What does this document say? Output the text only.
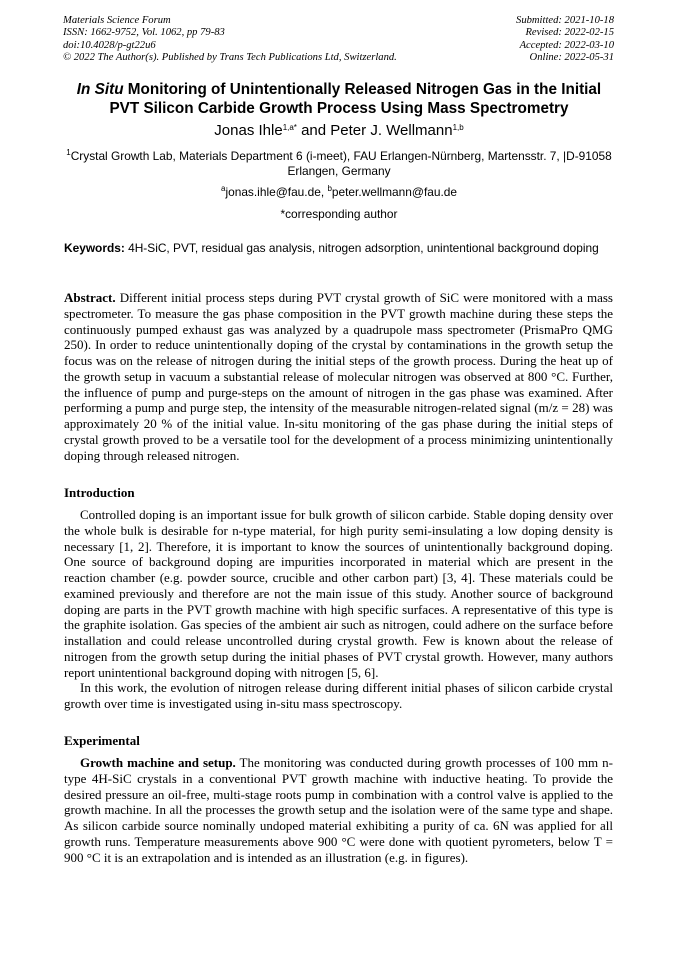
Materials Science Forum
ISSN: 1662-9752, Vol. 1062, pp 79-83
doi:10.4028/p-gt22u6
© 2022 The Author(s). Published by Trans Tech Publications Ltd, Switzerland.
Submitted: 2021-10-18
Revised: 2022-02-15
Accepted: 2022-03-10
Online: 2022-05-31
In Situ Monitoring of Unintentionally Released Nitrogen Gas in the Initial
PVT Silicon Carbide Growth Process Using Mass Spectrometry
Jonas Ihle$^{1,a*}$ and Peter J. Wellmann$^{1,b}$
$^1$Crystal Growth Lab, Materials Department 6 (i-meet), FAU Erlangen-Nürnberg, Martensstr. 7, |D-91058 Erlangen, Germany
$^a$jonas.ihle@fau.de, $^b$peter.wellmann@fau.de
*corresponding author
Keywords: 4H-SiC, PVT, residual gas analysis, nitrogen adsorption, unintentional background doping
Abstract. Different initial process steps during PVT crystal growth of SiC were monitored with a mass spectrometer. To measure the gas phase composition in the PVT growth machine during these steps the continuously pumped exhaust gas was analyzed by a quadrupole mass spectrometer (PrismaPro QMG 250). In order to reduce unintentionally doping of the crystal by contaminations in the growth setup the focus was on the release of nitrogen during the initial steps of the growth process. During the heat up of the growth setup in vacuum a substantial release of molecular nitrogen was observed at 800 °C. Further, the influence of pump and purge-steps on the amount of nitrogen in the gas phase was examined. After performing a pump and purge step, the intensity of the measurable nitrogen-related signal (m/z = 28) was approximately 20 % of the initial value. In-situ monitoring of the gas phase during the initial steps of crystal growth proved to be a versatile tool for the development of a process minimizing unintentionally doping through released nitrogen.
Introduction

Controlled doping is an important issue for bulk growth of silicon carbide. Stable doping density over the whole bulk is desirable for n-type material, for high purity semi-insulating a low doping density is necessary [1, 2]. Therefore, it is important to know the sources of unintentionally background doping. One source of background doping are impurities incorporated in material which are present in the reaction chamber (e.g. powder source, crucible and other carbon part) [3, 4]. These materials could be examined previously and therefore are not the main issue of this study. Another source of background doping are parts in the PVT growth machine with high specific surfaces. A representative of this type is the graphite isolation. Gas species of the ambient air such as nitrogen, could adhere on the surface before installation and could release uncontrolled during crystal growth. Few is known about the release of nitrogen from the growth setup during the initial phases of PVT crystal growth. However, many authors report unintentional background doping with nitrogen [5, 6].

In this work, the evolution of nitrogen release during different initial phases of silicon carbide crystal growth over time is investigated using in-situ mass spectroscopy.

Experimental

Growth machine and setup. The monitoring was conducted during growth processes of 100 mm n-type 4H-SiC crystals in a conventional PVT growth machine with inductive heating. To provide the desired pressure an oil-free, multi-stage roots pump in combination with a control valve is applied to the growth machine. In all the processes the growth setup and the isolation were of the same type and shape. As silicon carbide source nominally undoped material exhibiting a purity of ca. 6N was applied for all growth runs. Temperature measurements above 900 °C were done with quotient pyrometers, below T = 900 °C it is an extrapolation and is intended as an illustration (e.g. in figures).
